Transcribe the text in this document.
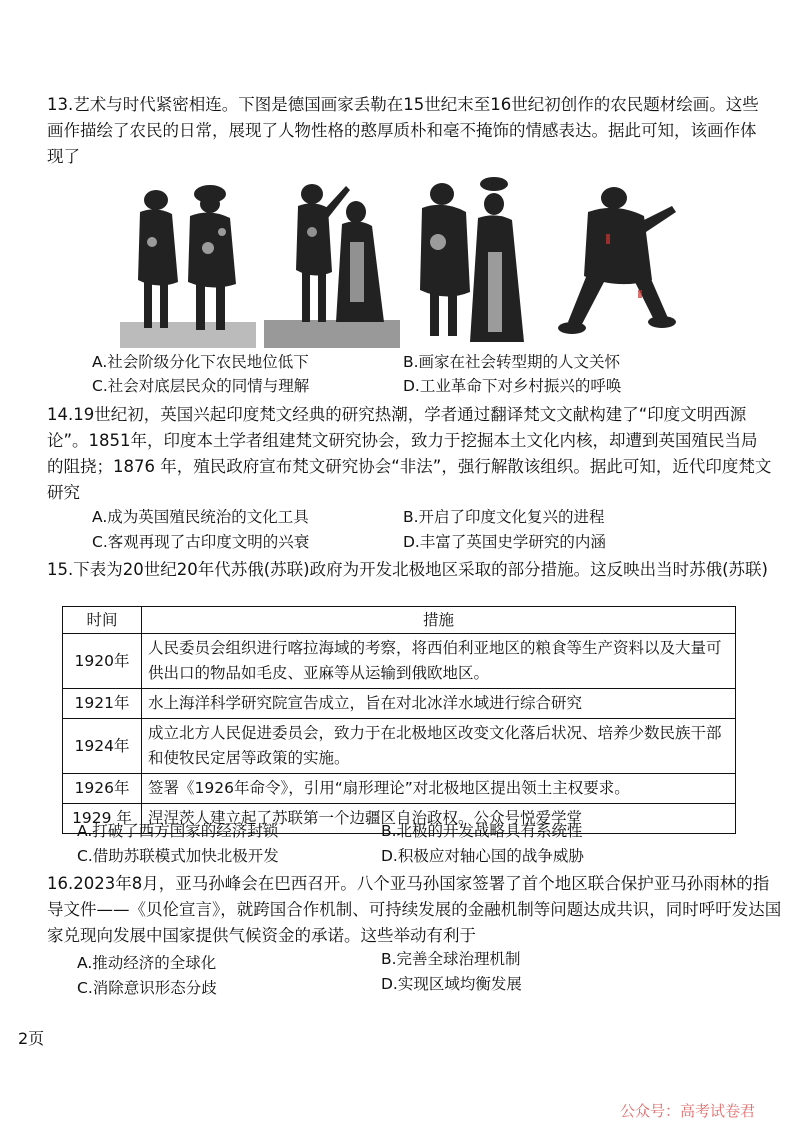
13.艺术与时代紧密相连。下图是德国画家丢勒在15世纪末至16世纪初创作的农民题材绘画。这些画作描绘了农民的日常，展现了人物性格的憨厚质朴和毫不掩饰的情感表达。据此可知，该画作体现了
A.社会阶级分化下农民地位低下	B.画家在社会转型期的人文关怀
C.社会对底层民众的同情与理解	D.工业革命下对乡村振兴的呼唤
14.19世纪初，英国兴起印度梵文经典的研究热潮，学者通过翻译梵文文献构建了“印度文明西源论”。1851年，印度本土学者组建梵文研究协会，致力于挖掘本土文化内核，却遭到英国殖民当局的阻挠；1876 年，殖民政府宣布梵文研究协会“非法”，强行解散该组织。据此可知，近代印度梵文研究
A.成为英国殖民统治的文化工具	B.开启了印度文化复兴的进程
C.客观再现了古印度文明的兴衰	D.丰富了英国史学研究的内涵
15.下表为20世纪20年代苏俄(苏联)政府为开发北极地区采取的部分措施。这反映出当时苏俄(苏联)
时间	措施
1920年	人民委员会组织进行喀拉海域的考察，将西伯利亚地区的粮食等生产资料以及大量可供出口的物品如毛皮、亚麻等从运输到俄欧地区。
1921年	水上海洋科学研究院宣告成立，旨在对北冰洋水域进行综合研究
1924年	成立北方人民促进委员会，致力于在北极地区改变文化落后状况、培养少数民族干部和使牧民定居等政策的实施。
1926年	签署《1926年命令》，引用“扇形理论”对北极地区提出领土主权要求。
1929 年	涅涅茨人建立起了苏联第一个边疆区自治政权。公众号悦爱学堂
A.打破了西方国家的经济封锁	B.北极的开发战略具有系统性
C.借助苏联模式加快北极开发	D.积极应对轴心国的战争威胁
16.2023年8月，亚马孙峰会在巴西召开。八个亚马孙国家签署了首个地区联合保护亚马孙雨林的指导文件——《贝伦宣言》，就跨国合作机制、可持续发展的金融机制等问题达成共识，同时呼吁发达国家兑现向发展中国家提供气候资金的承诺。这些举动有利于
A.推动经济的全球化	B.完善全球治理机制
C.消除意识形态分歧	D.实现区域均衡发展
2页
公众号：高考试卷君
